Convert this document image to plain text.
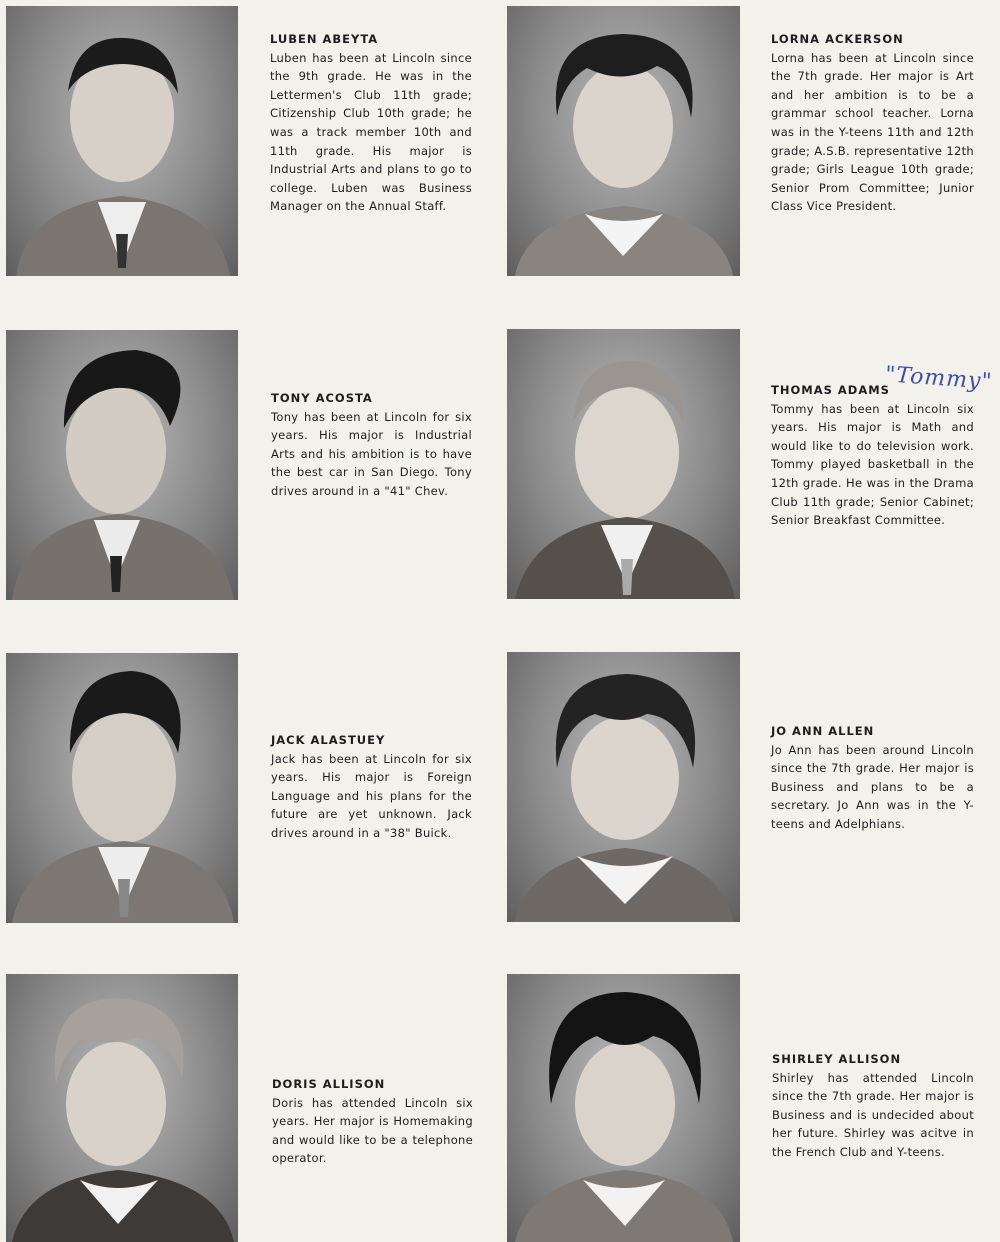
LUBEN ABEYTA
Luben has been at Lincoln since the 9th grade. He was in the Lettermen's Club 11th grade; Citizenship Club 10th grade; he was a track member 10th and 11th grade. His major is Industrial Arts and plans to go to college. Luben was Business Manager on the Annual Staff.
LORNA ACKERSON
Lorna has been at Lincoln since the 7th grade. Her major is Art and her ambition is to be a grammar school teacher. Lorna was in the Y-teens 11th and 12th grade; A.S.B. representative 12th grade; Girls League 10th grade; Senior Prom Committee; Junior Class Vice President.
TONY ACOSTA
Tony has been at Lincoln for six years. His major is Industrial Arts and his ambition is to have the best car in San Diego. Tony drives around in a "41" Chev.
THOMAS ADAMS
Tommy has been at Lincoln six years. His major is Math and would like to do television work. Tommy played basketball in the 12th grade. He was in the Drama Club 11th grade; Senior Cabinet; Senior Breakfast Committee.
"Tommy"
JACK ALASTUEY
Jack has been at Lincoln for six years. His major is Foreign Language and his plans for the future are yet unknown. Jack drives around in a "38" Buick.
JO ANN ALLEN
Jo Ann has been around Lincoln since the 7th grade. Her major is Business and plans to be a secretary. Jo Ann was in the Y-teens and Adelphians.
DORIS ALLISON
Doris has attended Lincoln six years. Her major is Homemaking and would like to be a telephone operator.
SHIRLEY ALLISON
Shirley has attended Lincoln since the 7th grade. Her major is Business and is undecided about her future. Shirley was acitve in the French Club and Y-teens.
